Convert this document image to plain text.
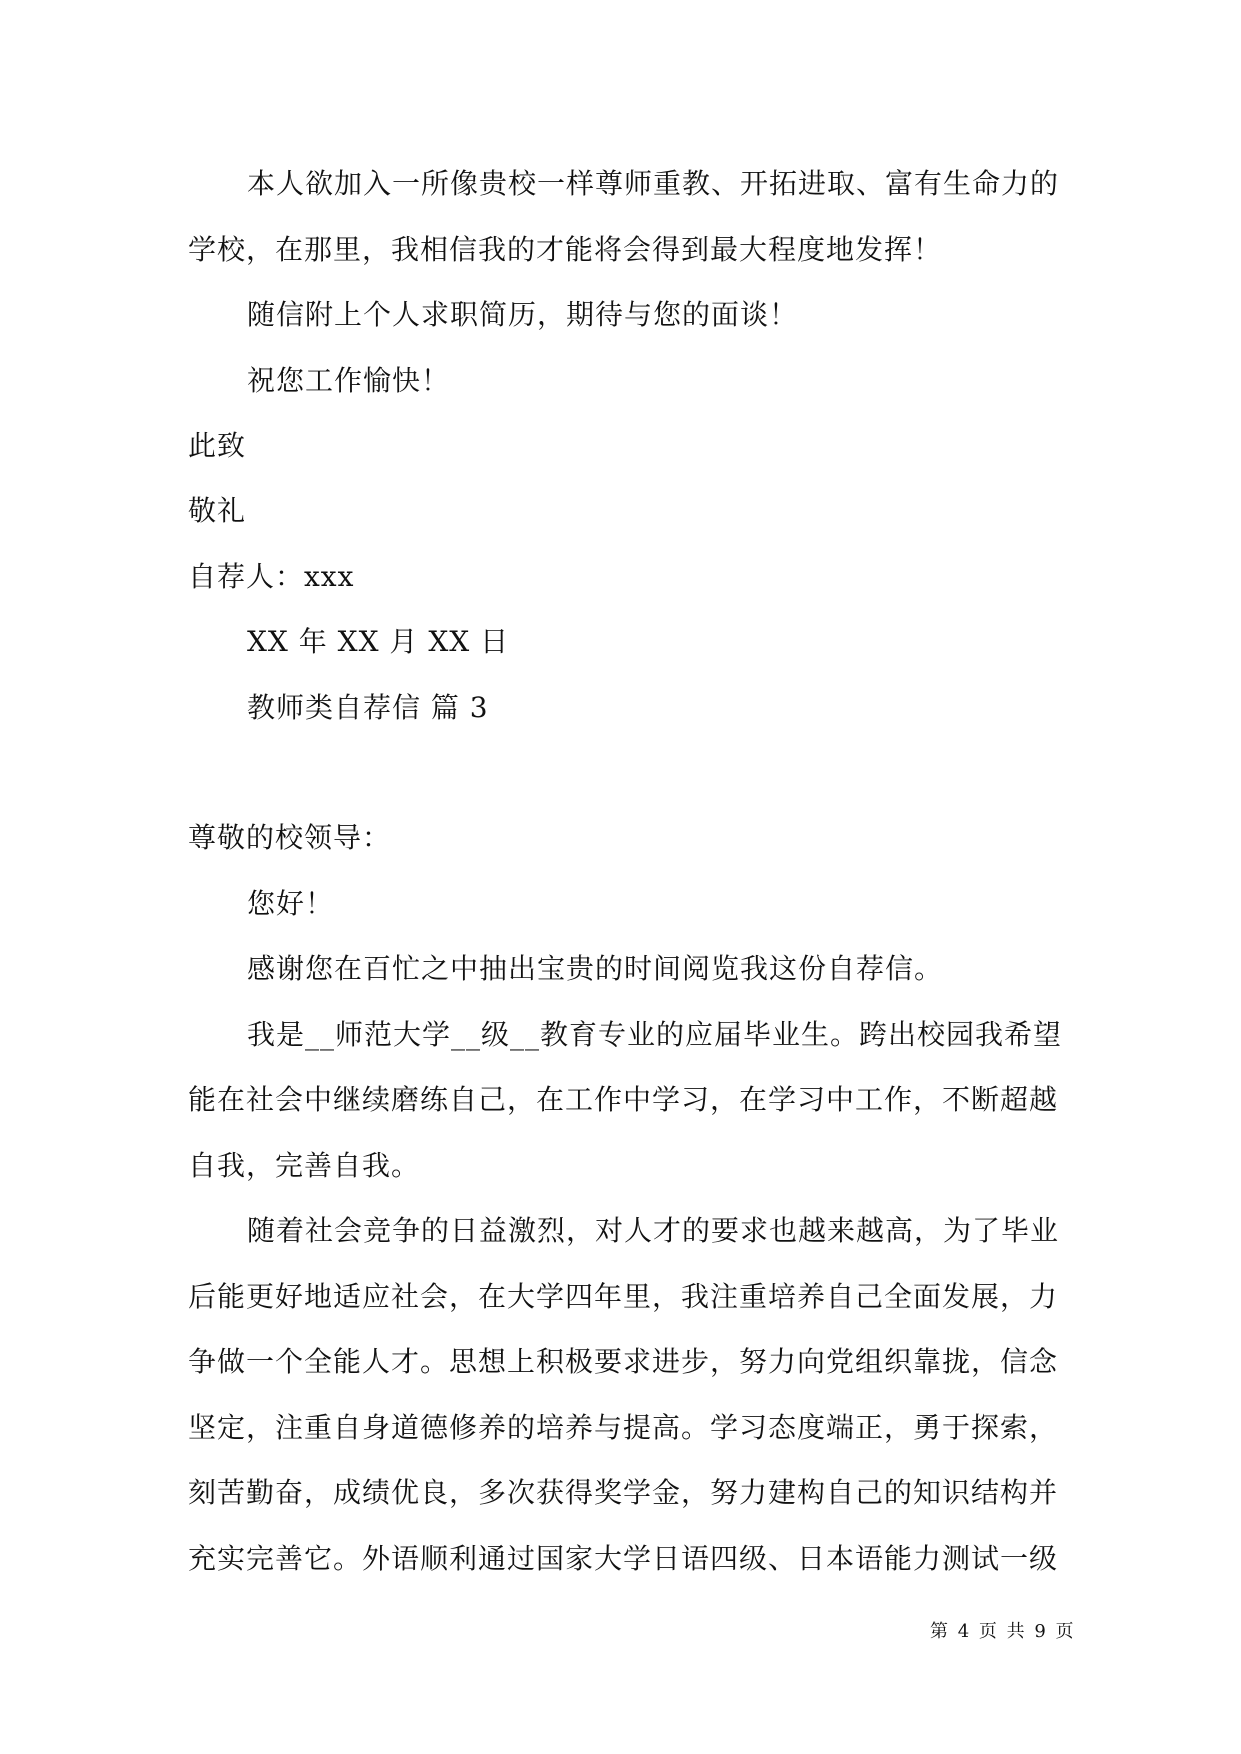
本人欲加入一所像贵校一样尊师重教、开拓进取、富有生命力的
学校，在那里，我相信我的才能将会得到最大程度地发挥！
随信附上个人求职简历，期待与您的面谈！
祝您工作愉快！
此致
敬礼
自荐人：xxx
XX 年 XX 月 XX 日
教师类自荐信 篇 3
尊敬的校领导：
您好！
感谢您在百忙之中抽出宝贵的时间阅览我这份自荐信。
我是__师范大学__级__教育专业的应届毕业生。跨出校园我希望
能在社会中继续磨练自己，在工作中学习，在学习中工作，不断超越
自我，完善自我。
随着社会竞争的日益激烈，对人才的要求也越来越高，为了毕业
后能更好地适应社会，在大学四年里，我注重培养自己全面发展，力
争做一个全能人才。思想上积极要求进步，努力向党组织靠拢，信念
坚定，注重自身道德修养的培养与提高。学习态度端正，勇于探索，
刻苦勤奋，成绩优良，多次获得奖学金，努力建构自己的知识结构并
充实完善它。外语顺利通过国家大学日语四级、日本语能力测试一级
第 4 页 共 9 页
